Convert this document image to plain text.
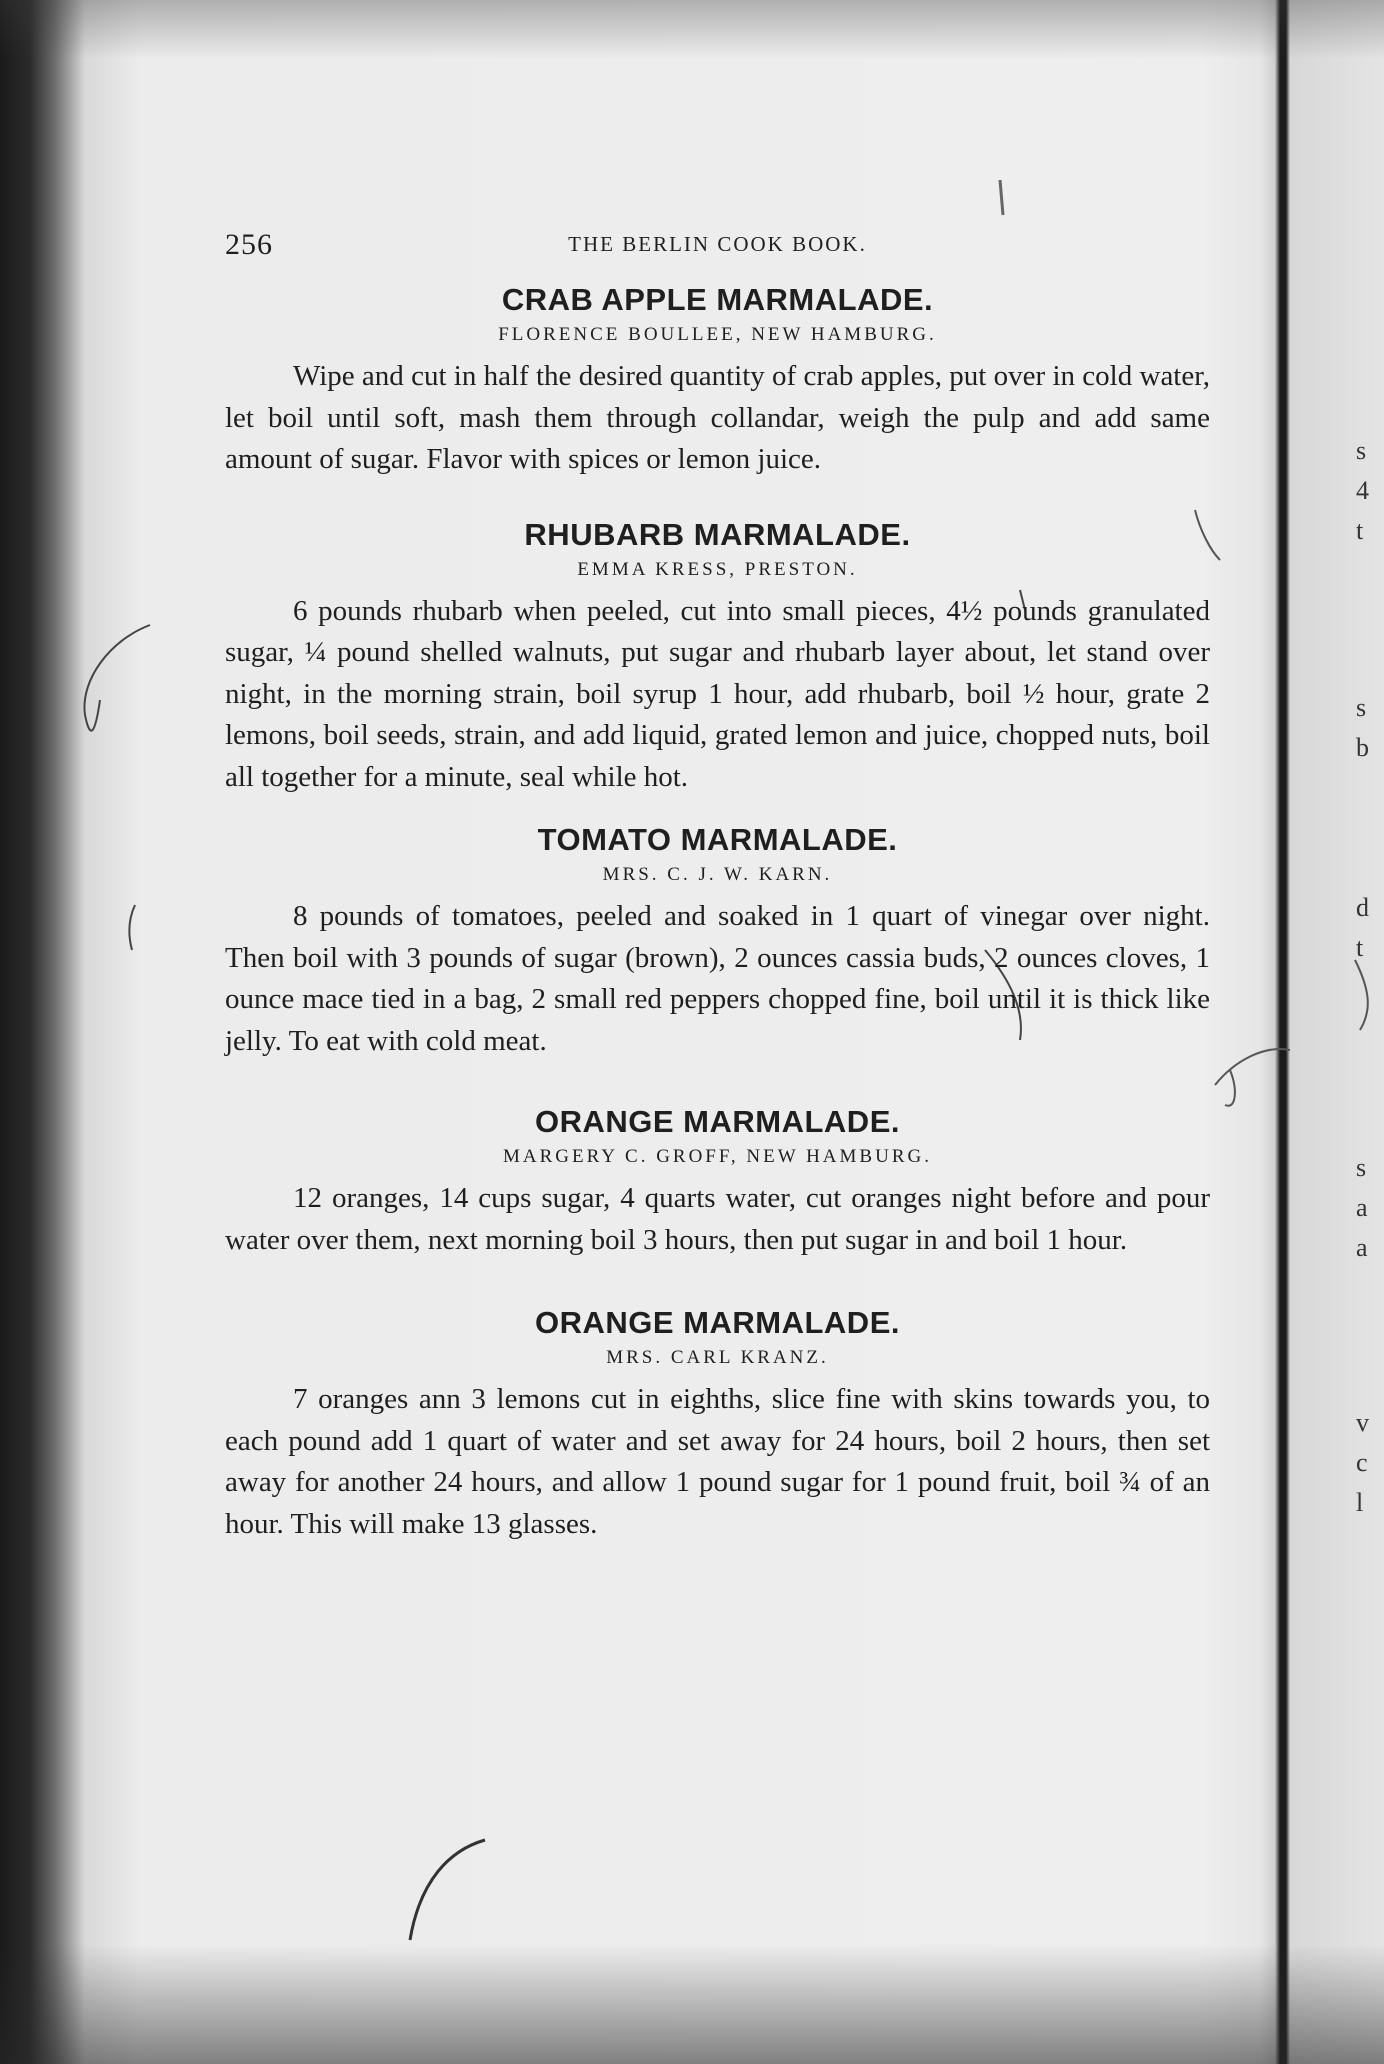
s
4
t
s
b
d
t
s
a
a
v
c
l
256	THE BERLIN COOK BOOK.
CRAB APPLE MARMALADE.

FLORENCE BOULLEE, NEW HAMBURG.

Wipe and cut in half the desired quantity of crab apples, put over in cold water, let boil until soft, mash them through collandar, weigh the pulp and add same amount of sugar. Flavor with spices or lemon juice.

RHUBARB MARMALADE.

EMMA KRESS, PRESTON.

6 pounds rhubarb when peeled, cut into small pieces, 4½ pounds granulated sugar, ¼ pound shelled walnuts, put sugar and rhubarb layer about, let stand over night, in the morning strain, boil syrup 1 hour, add rhubarb, boil ½ hour, grate 2 lemons, boil seeds, strain, and add liquid, grated lemon and juice, chopped nuts, boil all together for a minute, seal while hot.

TOMATO MARMALADE.

MRS. C. J. W. KARN.

8 pounds of tomatoes, peeled and soaked in 1 quart of vinegar over night. Then boil with 3 pounds of sugar (brown), 2 ounces cassia buds, 2 ounces cloves, 1 ounce mace tied in a bag, 2 small red peppers chopped fine, boil until it is thick like jelly. To eat with cold meat.

ORANGE MARMALADE.

MARGERY C. GROFF, NEW HAMBURG.

12 oranges, 14 cups sugar, 4 quarts water, cut oranges night before and pour water over them, next morning boil 3 hours, then put sugar in and boil 1 hour.

ORANGE MARMALADE.

MRS. CARL KRANZ.

7 oranges ann 3 lemons cut in eighths, slice fine with skins towards you, to each pound add 1 quart of water and set away for 24 hours, boil 2 hours, then set away for another 24 hours, and allow 1 pound sugar for 1 pound fruit, boil ¾ of an hour. This will make 13 glasses.
